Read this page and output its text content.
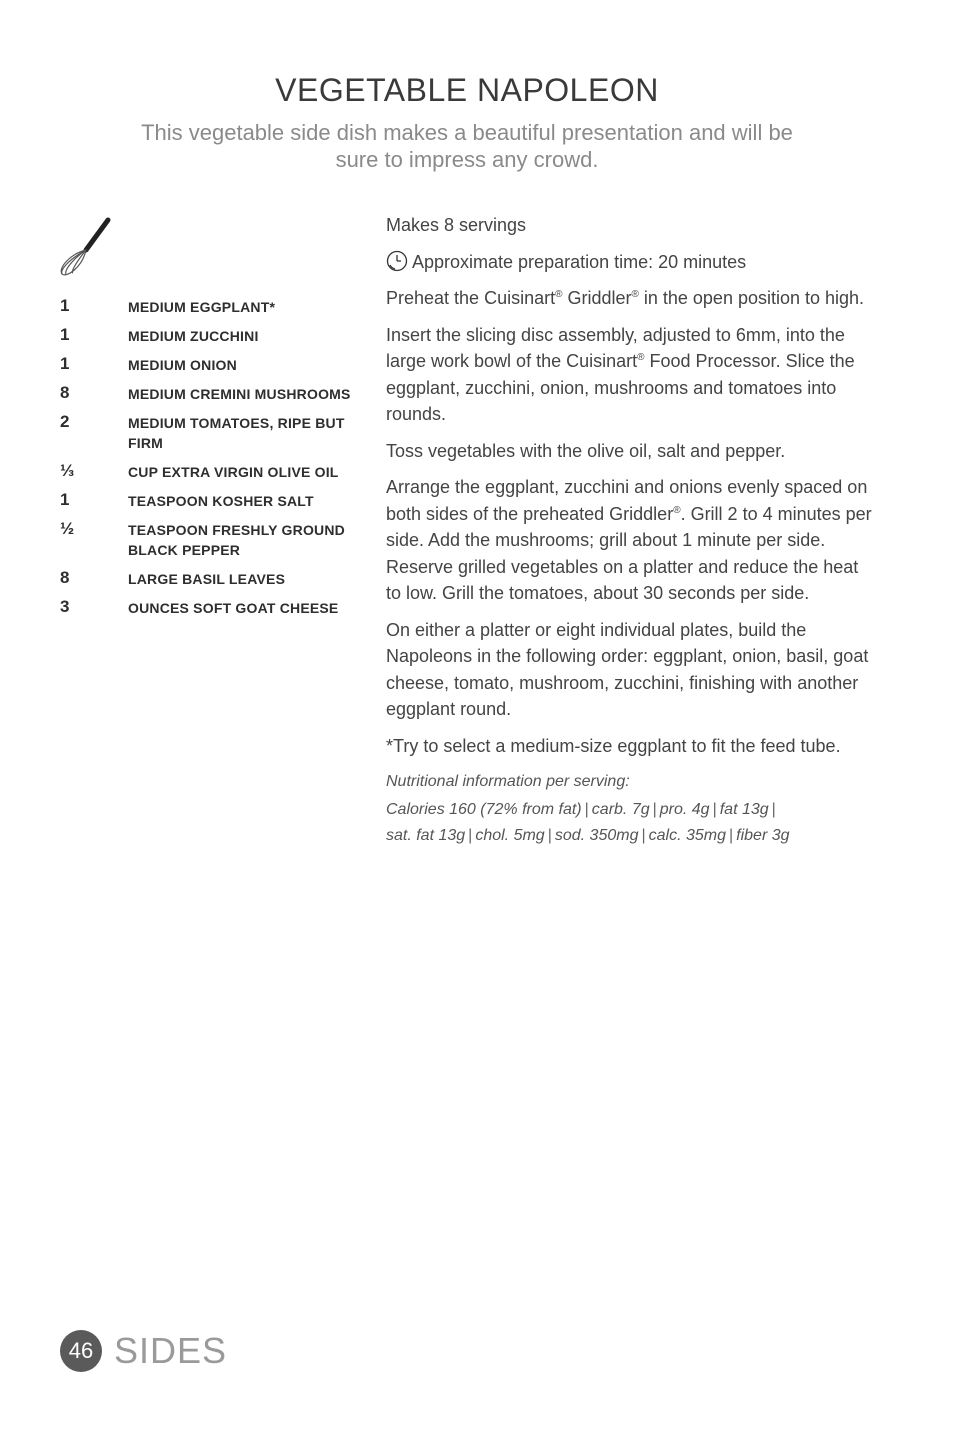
VEGETABLE NAPOLEON
This vegetable side dish makes a beautiful presentation and will be sure to impress any crowd.
1	MEDIUM EGGPLANT*
1	MEDIUM ZUCCHINI
1	MEDIUM ONION
8	MEDIUM CREMINI MUSHROOMS
2	MEDIUM TOMATOES, RIPE BUT FIRM
⅓	CUP EXTRA VIRGIN OLIVE OIL
1	TEASPOON KOSHER SALT
½	TEASPOON FRESHLY GROUND BLACK PEPPER
8	LARGE BASIL LEAVES
3	OUNCES SOFT GOAT CHEESE

Makes 8 servings

Approximate preparation time: 20 minutes

Preheat the Cuisinart® Griddler® in the open position to high.

Insert the slicing disc assembly, adjusted to 6mm, into the large work bowl of the Cuisinart® Food Processor. Slice the eggplant, zucchini, onion, mushrooms and tomatoes into rounds.

Toss vegetables with the olive oil, salt and pepper.

Arrange the eggplant, zucchini and onions evenly spaced on both sides of the preheated Griddler®. Grill 2 to 4 minutes per side. Add the mushrooms; grill about 1 minute per side. Reserve grilled vegetables on a platter and reduce the heat to low. Grill the tomatoes, about 30 seconds per side.

On either a platter or eight individual plates, build the Napoleons in the following order: eggplant, onion, basil, goat cheese, tomato, mushroom, zucchini, finishing with another eggplant round.

*Try to select a medium-size eggplant to fit the feed tube.

Nutritional information per serving:
Calories 160 (72% from fat) | carb. 7g | pro. 4g | fat 13g |
sat. fat 13g | chol. 5mg | sod. 350mg | calc. 35mg | fiber 3g
46 SIDES
